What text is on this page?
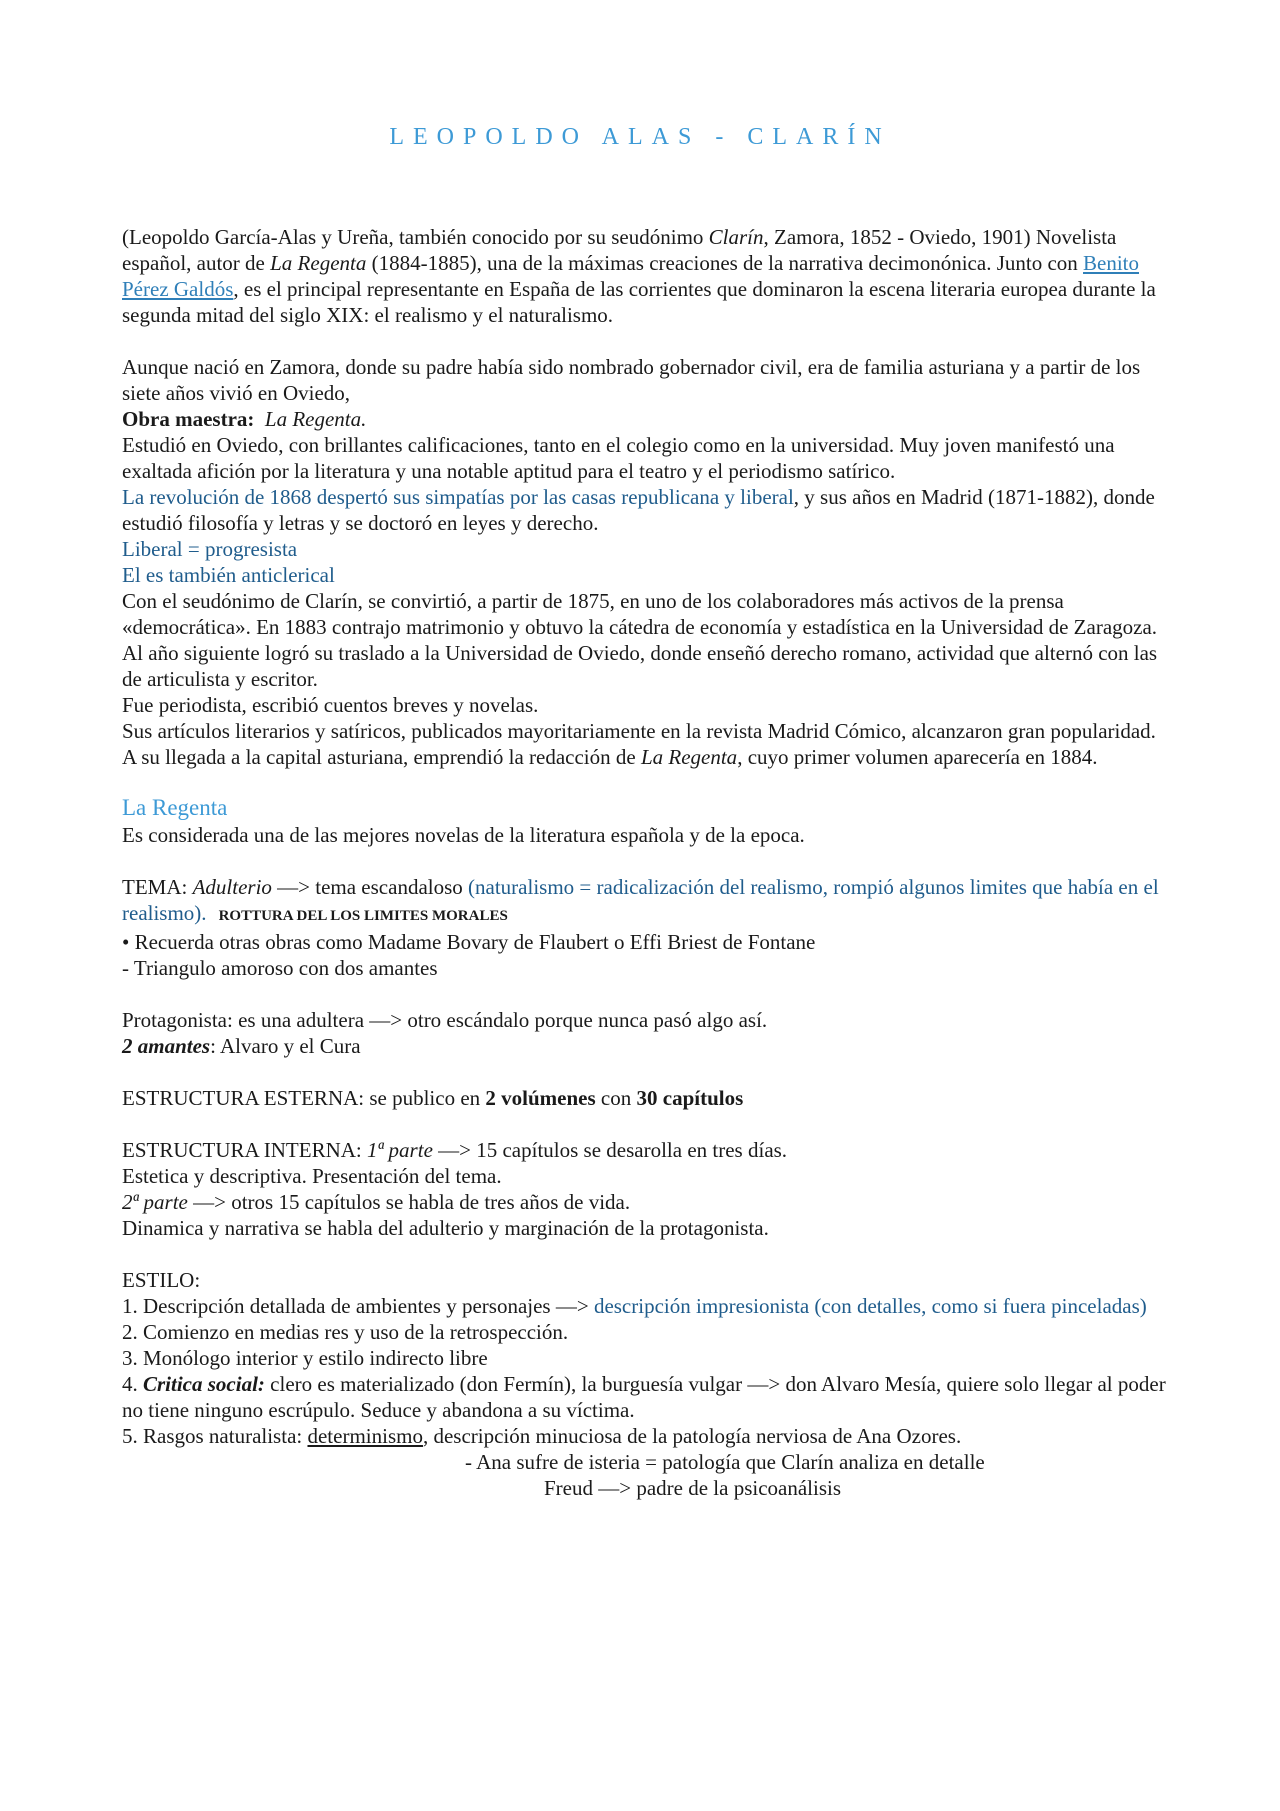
LEOPOLDO ALAS - CLARÍN

(Leopoldo García-Alas y Ureña, también conocido por su seudónimo Clarín, Zamora, 1852 - Oviedo, 1901) Novelista español, autor de La Regenta (1884-1885), una de la máximas creaciones de la narrativa decimonónica. Junto con Benito Pérez Galdós, es el principal representante en España de las corrientes que dominaron la escena literaria europea durante la segunda mitad del siglo XIX: el realismo y el naturalismo.

Aunque nació en Zamora, donde su padre había sido nombrado gobernador civil, era de familia asturiana y a partir de los siete años vivió en Oviedo,

Obra maestra: La Regenta.

Estudió en Oviedo, con brillantes calificaciones, tanto en el colegio como en la universidad. Muy joven manifestó una exaltada afición por la literatura y una notable aptitud para el teatro y el periodismo satírico.

La revolución de 1868 despertó sus simpatías por las casas republicana y liberal, y sus años en Madrid (1871-1882), donde estudió filosofía y letras y se doctoró en leyes y derecho.

Liberal = progresista

El es también anticlerical

Con el seudónimo de Clarín, se convirtió, a partir de 1875, en uno de los colaboradores más activos de la prensa «democrática». En 1883 contrajo matrimonio y obtuvo la cátedra de economía y estadística en la Universidad de Zaragoza. Al año siguiente logró su traslado a la Universidad de Oviedo, donde enseñó derecho romano, actividad que alternó con las de articulista y escritor.

Fue periodista, escribió cuentos breves y novelas.

Sus artículos literarios y satíricos, publicados mayoritariamente en la revista Madrid Cómico, alcanzaron gran popularidad. A su llegada a la capital asturiana, emprendió la redacción de La Regenta, cuyo primer volumen aparecería en 1884.

La Regenta

Es considerada una de las mejores novelas de la literatura española y de la epoca.

TEMA: Adulterio —> tema escandaloso (naturalismo = radicalización del realismo, rompió algunos limites que había en el realismo). ROTTURA DEL LOS LIMITES MORALES

• Recuerda otras obras como Madame Bovary de Flaubert o Effi Briest de Fontane

- Triangulo amoroso con dos amantes

Protagonista: es una adultera —> otro escándalo porque nunca pasó algo así.

2 amantes: Alvaro y el Cura

ESTRUCTURA ESTERNA: se publico en 2 volúmenes con 30 capítulos

ESTRUCTURA INTERNA: 1ª parte —> 15 capítulos se desarolla en tres días.

Estetica y descriptiva. Presentación del tema.

2ª parte —> otros 15 capítulos se habla de tres años de vida.

Dinamica y narrativa se habla del adulterio y marginación de la protagonista.

ESTILO:

1. Descripción detallada de ambientes y personajes —> descripción impresionista (con detalles, como si fuera pinceladas)

2. Comienzo en medias res y uso de la retrospección.

3. Monólogo interior y estilo indirecto libre

4. Critica social: clero es materializado (don Fermín), la burguesía vulgar —> don Alvaro Mesía, quiere solo llegar al poder no tiene ninguno escrúpulo. Seduce y abandona a su víctima.

5. Rasgos naturalista: determinismo, descripción minuciosa de la patología nerviosa de Ana Ozores.

- Ana sufre de isteria = patología que Clarín analiza en detalle

Freud —> padre de la psicoanálisis
